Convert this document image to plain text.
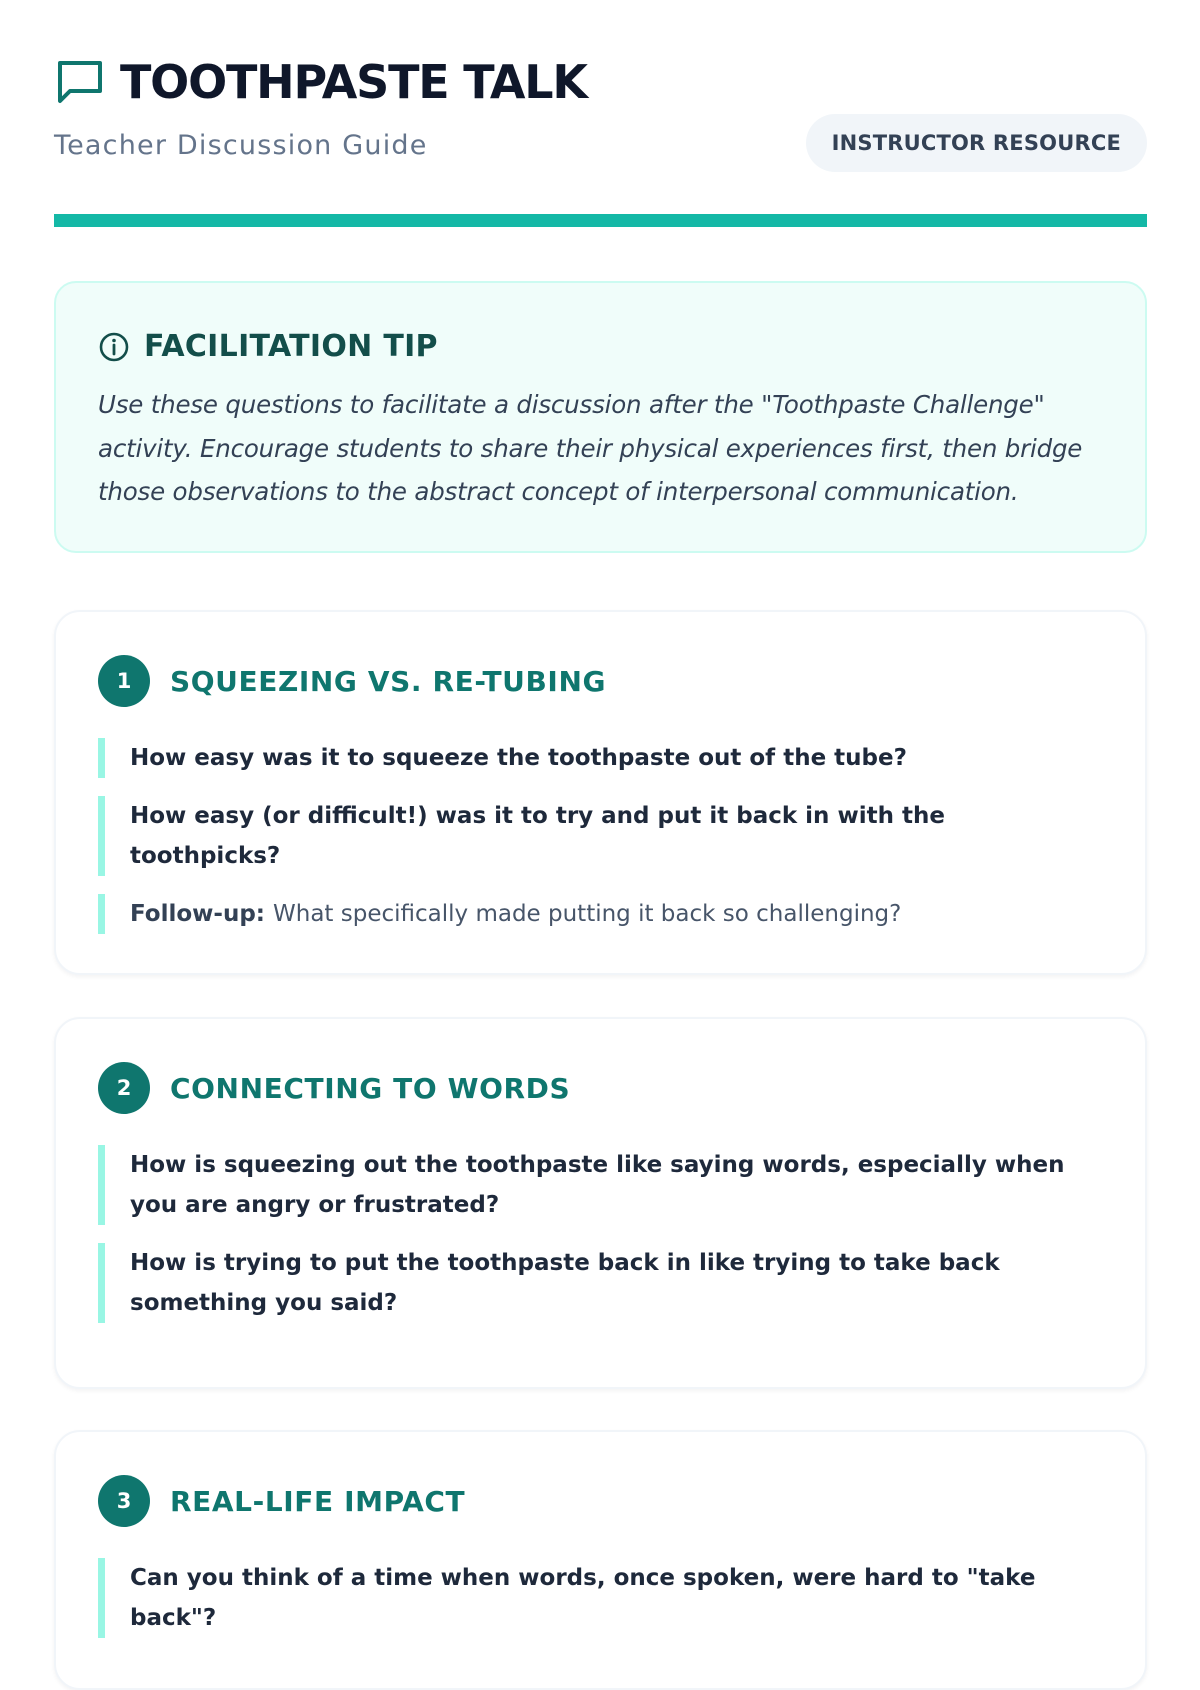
TOOTHPASTE TALK
Teacher Discussion Guide	INSTRUCTOR RESOURCE
FACILITATION TIP
Use these questions to facilitate a discussion after the "Toothpaste Challenge" activity. Encourage students to share their physical experiences first, then bridge those observations to the abstract concept of interpersonal communication.
1	SQUEEZING VS. RE-TUBING
How easy was it to squeeze the toothpaste out of the tube?
How easy (or difficult!) was it to try and put it back in with the toothpicks?
Follow-up: What specifically made putting it back so challenging?
2	CONNECTING TO WORDS
How is squeezing out the toothpaste like saying words, especially when you are angry or frustrated?
How is trying to put the toothpaste back in like trying to take back something you said?
3	REAL-LIFE IMPACT
Can you think of a time when words, once spoken, were hard to "take back"?
